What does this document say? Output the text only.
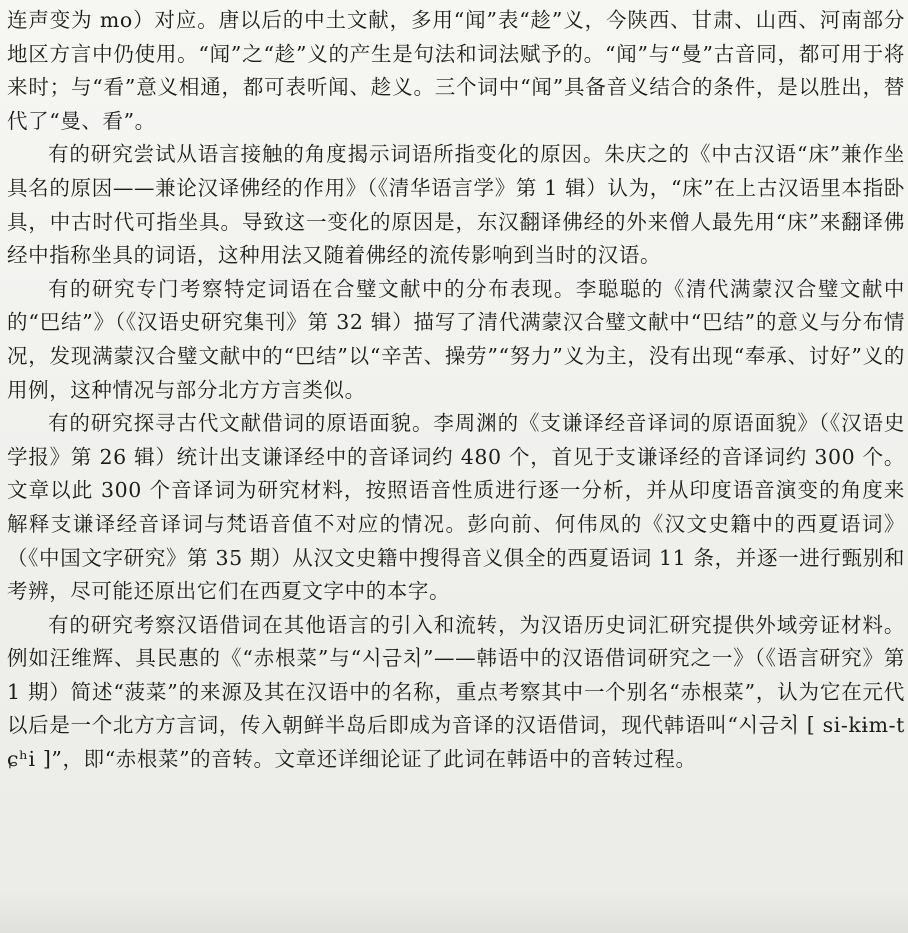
连声变为 mo）对应。唐以后的中土文献，多用“闻”表“趁”义，今陕西、甘肃、山西、河南部分地区方言中仍使用。“闻”之“趁”义的产生是句法和词法赋予的。“闻”与“曼”古音同，都可用于将来时；与“看”意义相通，都可表听闻、趁义。三个词中“闻”具备音义结合的条件，是以胜出，替代了“曼、看”。

有的研究尝试从语言接触的角度揭示词语所指变化的原因。朱庆之的《中古汉语“床”兼作坐具名的原因——兼论汉译佛经的作用》（《清华语言学》第 1 辑）认为，“床”在上古汉语里本指卧具，中古时代可指坐具。导致这一变化的原因是，东汉翻译佛经的外来僧人最先用“床”来翻译佛经中指称坐具的词语，这种用法又随着佛经的流传影响到当时的汉语。

有的研究专门考察特定词语在合璧文献中的分布表现。李聪聪的《清代满蒙汉合璧文献中的“巴结”》（《汉语史研究集刊》第 32 辑）描写了清代满蒙汉合璧文献中“巴结”的意义与分布情况，发现满蒙汉合璧文献中的“巴结”以“辛苦、操劳”“努力”义为主，没有出现“奉承、讨好”义的用例，这种情况与部分北方方言类似。

有的研究探寻古代文献借词的原语面貌。李周渊的《支谦译经音译词的原语面貌》（《汉语史学报》第 26 辑）统计出支谦译经中的音译词约 480 个，首见于支谦译经的音译词约 300 个。文章以此 300 个音译词为研究材料，按照语音性质进行逐一分析，并从印度语音演变的角度来解释支谦译经音译词与梵语音值不对应的情况。彭向前、何伟凤的《汉文史籍中的西夏语词》（《中国文字研究》第 35 期）从汉文史籍中搜得音义俱全的西夏语词 11 条，并逐一进行甄别和考辨，尽可能还原出它们在西夏文字中的本字。

有的研究考察汉语借词在其他语言的引入和流转，为汉语历史词汇研究提供外域旁证材料。例如汪维辉、具民惠的《“赤根菜”与“시금치”——韩语中的汉语借词研究之一》（《语言研究》第 1 期）简述“菠菜”的来源及其在汉语中的名称，重点考察其中一个别名“赤根菜”，认为它在元代以后是一个北方方言词，传入朝鲜半岛后即成为音译的汉语借词，现代韩语叫“시금치 [ si-kɨm-tɕʰi ]”，即“赤根菜”的音转。文章还详细论证了此词在韩语中的音转过程。
